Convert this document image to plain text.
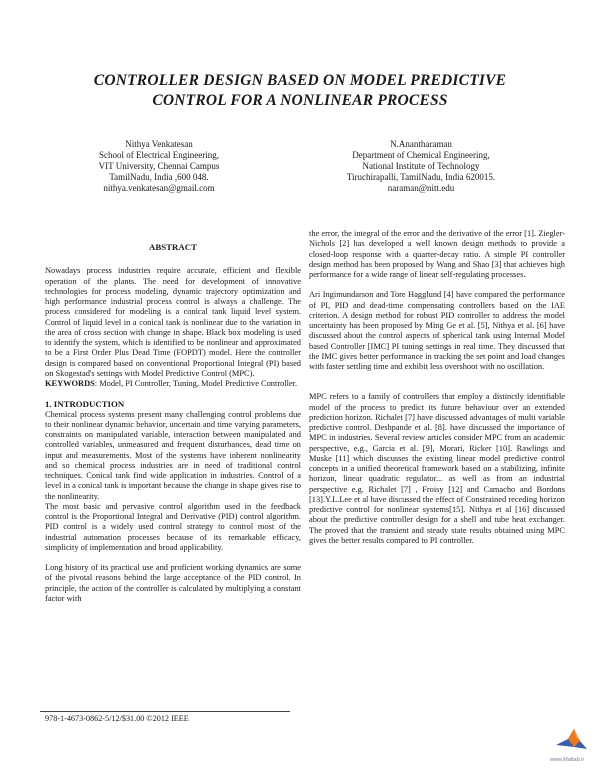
CONTROLLER DESIGN BASED ON MODEL PREDICTIVE
CONTROL FOR A NONLINEAR PROCESS
Nithya Venkatesan
School of Electrical Engineering,
VIT University, Chennai Campus
TamilNadu, India ,600 048.
nithya.venkatesan@gmail.com
N.Anantharaman
Department of Chemical Engineering,
National Institute of Technology
Tiruchirapalli, TamilNadu, India 620015.
naraman@nitt.edu

ABSTRACT

Nowadays process industries require accurate, efficient and flexible operation of the plants. The need for development of innovative technologies for process modeling, dynamic trajectory optimization and high performance industrial process control is always a challenge. The process considered for modeling is a conical tank liquid level system. Control of liquid level in a conical tank is nonlinear due to the variation in the area of cross section with change in shape. Black box modeling is used to identify the system, which is identified to be nonlinear and approximated to be a First Order Plus Dead Time (FOPDT) model. Here the controller design is compared based on conventional Proportional Integral (PI) based on Skogestad's settings with Model Predictive Control (MPC).

KEYWORDS: Model, PI Controller, Tuning, Model Predictive Controller.

1. INTRODUCTION

Chemical process systems present many challenging control problems due to their nonlinear dynamic behavior, uncertain and time varying parameters, constraints on manipulated variable, interaction between manipulated and controlled variables, unmeasured and frequent disturbances, dead time on input and measurements. Most of the systems have inherent nonlinearity and so chemical process industries are in need of traditional control techniques. Conical tank find wide application in industries. Control of a level in a conical tank is important because the change in shape gives rise to the nonlinearity.

The most basic and pervasive control algorithm used in the feedback control is the Proportional Integral and Derivative (PID) control algorithm. PID control is a widely used control strategy to control most of the industrial automation processes because of its remarkable efficacy, simplicity of implementation and broad applicability.

Long history of its practical use and proficient working dynamics are some of the pivotal reasons behind the large acceptance of the PID control. In principle, the action of the controller is calculated by multiplying a constant factor with

the error, the integral of the error and the derivative of the error [1]. Ziegler- Nichols [2] has developed a well known design methods to provide a closed-loop response with a quarter-decay ratio. A simple PI controller design method has been proposed by Wang and Shao [3] that achieves high performance for a wide range of linear self-regulating processes.

Ari Ingimundarson and Tore Hagglund [4] have compared the performance of PI, PID and dead-time compensating controllers based on the IAE criterion. A design method for robust PID controller to address the model uncertainty has been proposed by Ming Ge et al. [5], Nithya et al. [6] have discussed about the control aspects of spherical tank using Internal Model based Controller [IMC] PI tuning settings in real time. They discussed that the IMC gives better performance in tracking the set point and load changes with faster settling time and exhibit less overshoot with no oscillation.

MPC refers to a family of controllers that employ a distinctly identifiable model of the process to predict its future behaviour over an extended prediction horizon. Richalet [7] have discussed advantages of multi variable predictive control. Deshpande et al. [8]. have discussed the importance of MPC in industries. Several review articles consider MPC from an academic perspective, e.g., Garcia et al. [9], Morari, Ricker [10]. Rawlings and Muske [11] which discusses the existing linear model predictive control concepts in a unified theoretical framework based on a stabilizing, infinite horizon, linear quadratic regulator... as well as from an industrial perspective e.g. Richalet [7] , Froisy [12] and Camacho and Bordons [13].Y.L.Lee et al have discussed the effect of Constrained receding horizon predictive control for nonlinear systems[15]. Nithya et al [16] discussed about the predictive controller design for a shell and tube heat exchanger. The proved that the transient and steady state results obtained using MPC gives the better results compared to PI controller.

978-1-4673-0862-5/12/$31.00 ©2012 IEEE
www.Matlab.ir
